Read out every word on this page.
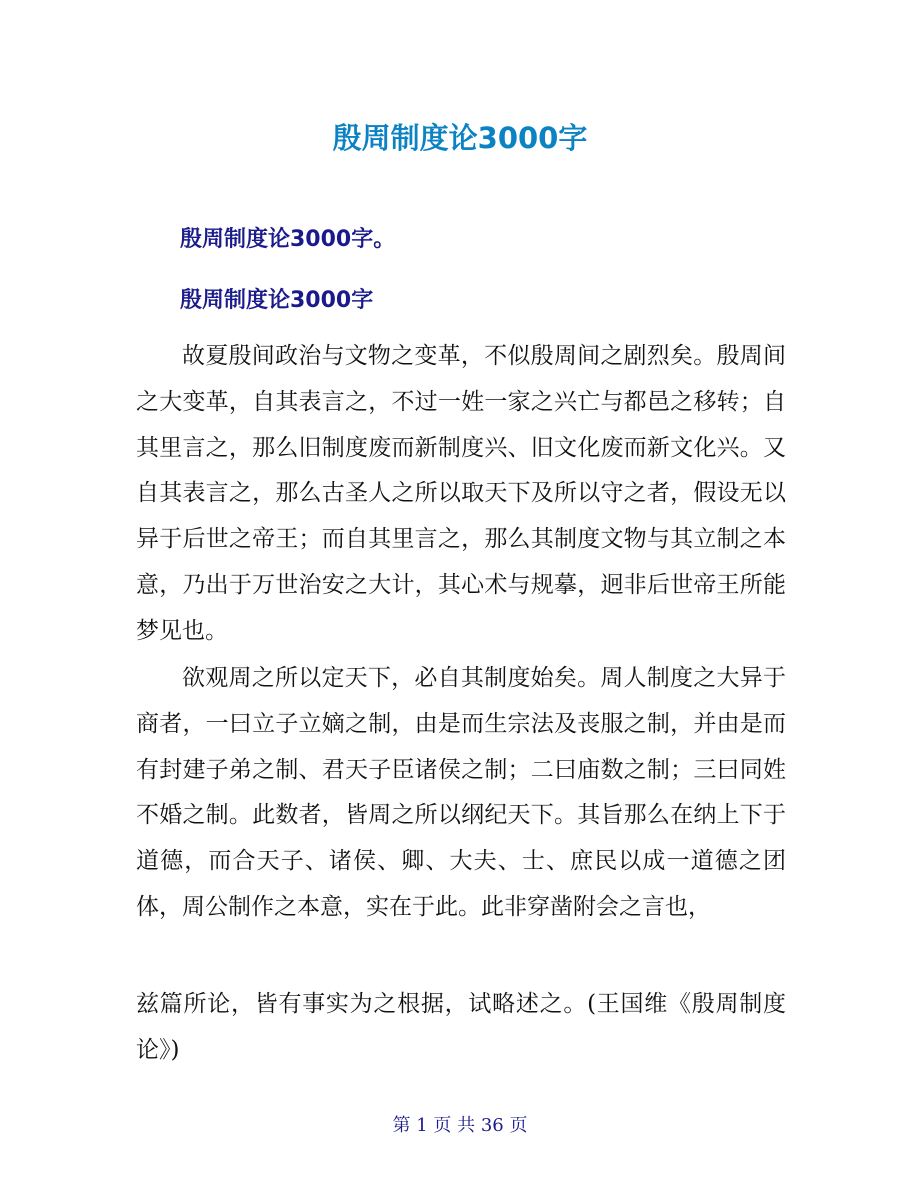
殷周制度论3000字
殷周制度论3000字。
殷周制度论3000字
故夏殷间政治与文物之变革，不似殷周间之剧烈矣。殷周间之大变革，自其表言之，不过一姓一家之兴亡与都邑之移转；自其里言之，那么旧制度废而新制度兴、旧文化废而新文化兴。又自其表言之，那么古圣人之所以取天下及所以守之者，假设无以异于后世之帝王；而自其里言之，那么其制度文物与其立制之本意，乃出于万世治安之大计，其心术与规摹，迥非后世帝王所能梦见也。
欲观周之所以定天下，必自其制度始矣。周人制度之大异于商者，一曰立子立嫡之制，由是而生宗法及丧服之制，并由是而有封建子弟之制、君天子臣诸侯之制；二曰庙数之制；三曰同姓不婚之制。此数者，皆周之所以纲纪天下。其旨那么在纳上下于道德，而合天子、诸侯、卿、大夫、士、庶民以成一道德之团体，周公制作之本意，实在于此。此非穿凿附会之言也，
兹篇所论，皆有事实为之根据，试略述之。(王国维《殷周制度论》)
第 1 页 共 36 页
